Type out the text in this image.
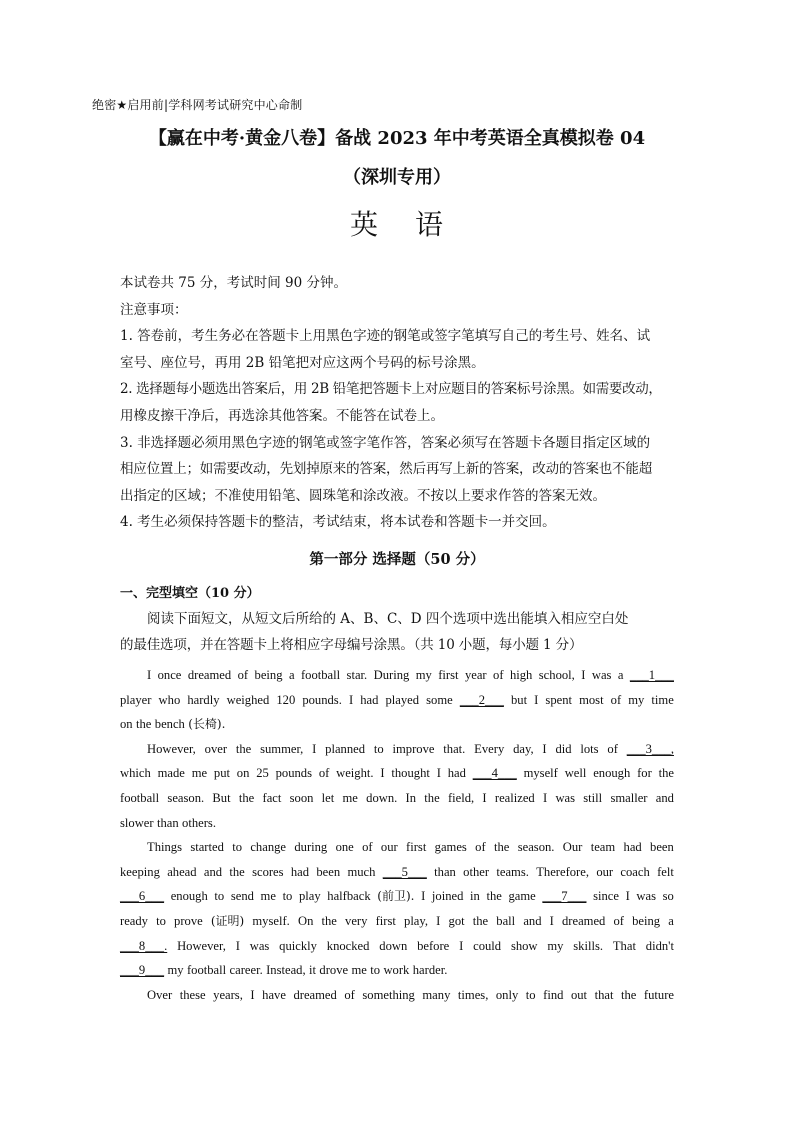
绝密★启用前|学科网考试研究中心命制
【赢在中考·黄金八卷】备战 2023 年中考英语全真模拟卷 04
（深圳专用）
英 语
本试卷共 75 分，考试时间 90 分钟。
注意事项：
1. 答卷前，考生务必在答题卡上用黑色字迹的钢笔或签字笔填写自己的考生号、姓名、试
室号、座位号，再用 2B 铅笔把对应这两个号码的标号涂黑。
2. 选择题每小题选出答案后，用 2B 铅笔把答题卡上对应题目的答案标号涂黑。如需要改动，
用橡皮擦干净后，再选涂其他答案。不能答在试卷上。
3. 非选择题必须用黑色字迹的钢笔或签字笔作答，答案必须写在答题卡各题目指定区域的
相应位置上；如需要改动，先划掉原来的答案，然后再写上新的答案，改动的答案也不能超
出指定的区域；不准使用铅笔、圆珠笔和涂改液。不按以上要求作答的答案无效。
4. 考生必须保持答题卡的整洁，考试结束，将本试卷和答题卡一并交回。
第一部分 选择题（50 分）
一、完型填空（10 分）
阅读下面短文，从短文后所给的 A、B、C、D 四个选项中选出能填入相应空白处
的最佳选项，并在答题卡上将相应字母编号涂黑。（共 10 小题，每小题 1 分）
I once dreamed of being a football star. During my first year of high school, I was a ___1___
player who hardly weighed 120 pounds. I had played some ___2___ but I spent most of my time
on the bench (长椅).
However, over the summer, I planned to improve that. Every day, I did lots of ___3___,
which made me put on 25 pounds of weight. I thought I had ___4___ myself well enough for the
football season. But the fact soon let me down. In the field, I realized I was still smaller and
slower than others.
Things started to change during one of our first games of the season. Our team had been
keeping ahead and the scores had been much ___5___ than other teams. Therefore, our coach felt
___6___ enough to send me to play halfback (前卫). I joined in the game ___7___ since I was so
ready to prove (证明) myself. On the very first play, I got the ball and I dreamed of being a
___8___. However, I was quickly knocked down before I could show my skills. That didn't
___9___ my football career. Instead, it drove me to work harder.
Over these years, I have dreamed of something many times, only to find out that the future
